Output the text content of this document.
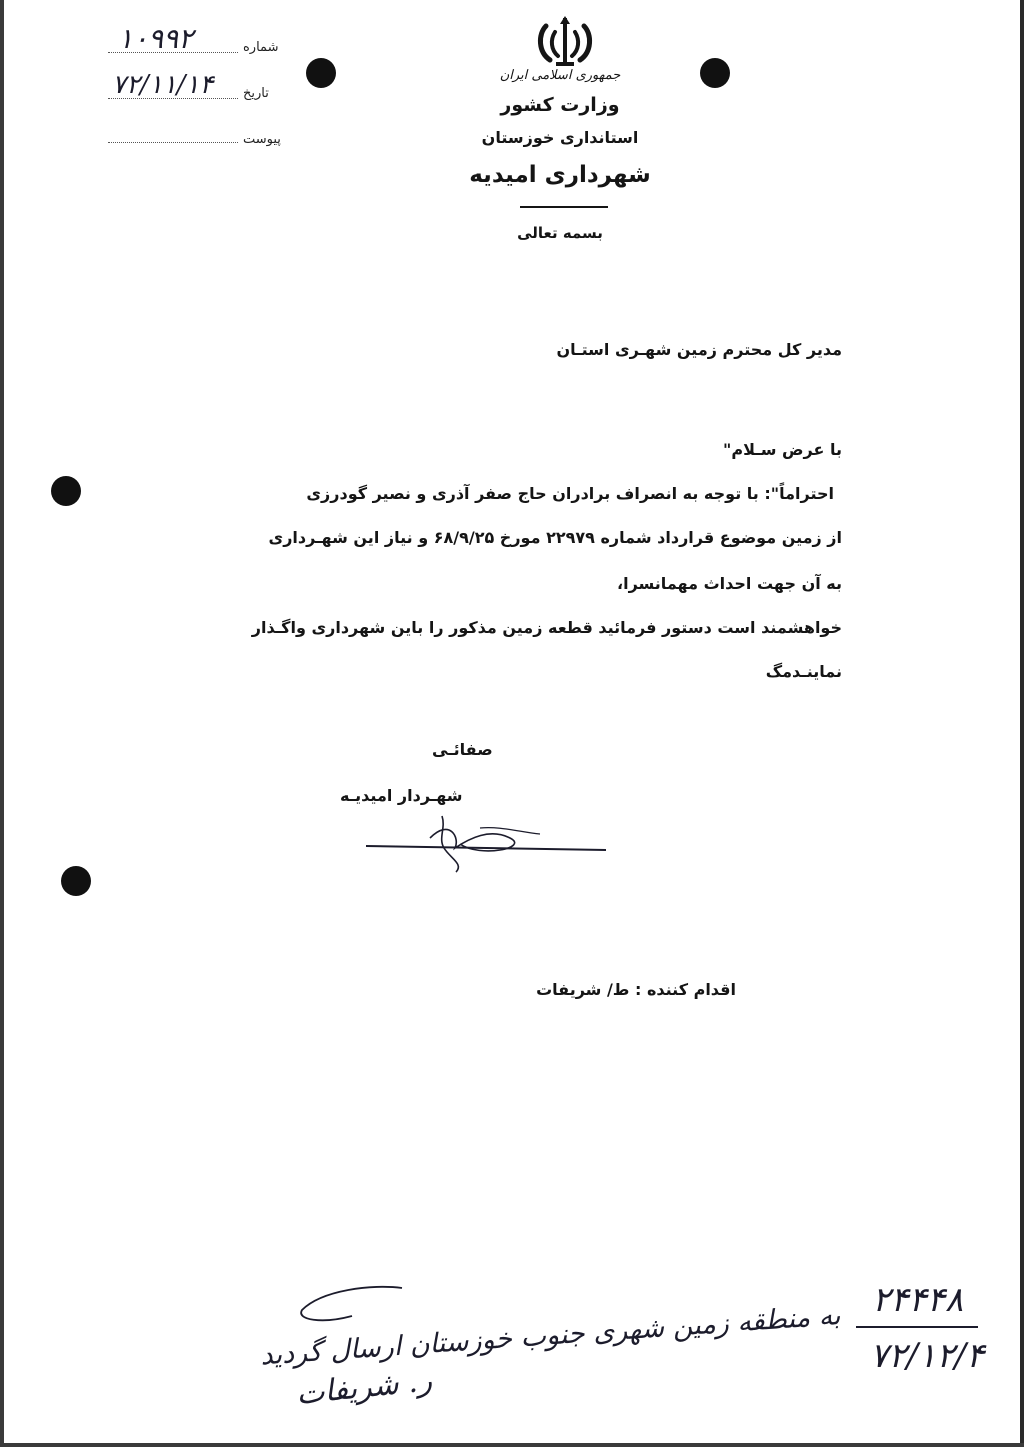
شماره
۱۰۹۹۲
تاریخ
۷۲/۱۱/۱۴
پیوست
جمهوری اسلامی ایران
وزارت کشور
استانداری خوزستان
شهرداری امیدیه
بسمه تعالی
مدیر کل محترم زمین شهـری استـان
با عرض سـلام"
احتراماً": با توجه به انصراف برادران حاج صفر آذری و نصیر گودرزی
از زمین موضوع قرارداد شماره ۲۲۹۷۹ مورخ ۶۸/۹/۲۵ و نیاز این شهـرداری
به آن جهت احداث مهمانسرا،
خواهشمند است دستور فرمائید قطعه زمین مذکور را باین شهرداری واگـذار
نماینـدمگ
صفائـی
شهـردار امیدیـه
اقدام کننده : ط/ شریفات
۲۴۴۴۸
۷۲/۱۲/۴
به منطقه زمین شهری جنوب خوزستان ارسال گردید
ر. شریفات
